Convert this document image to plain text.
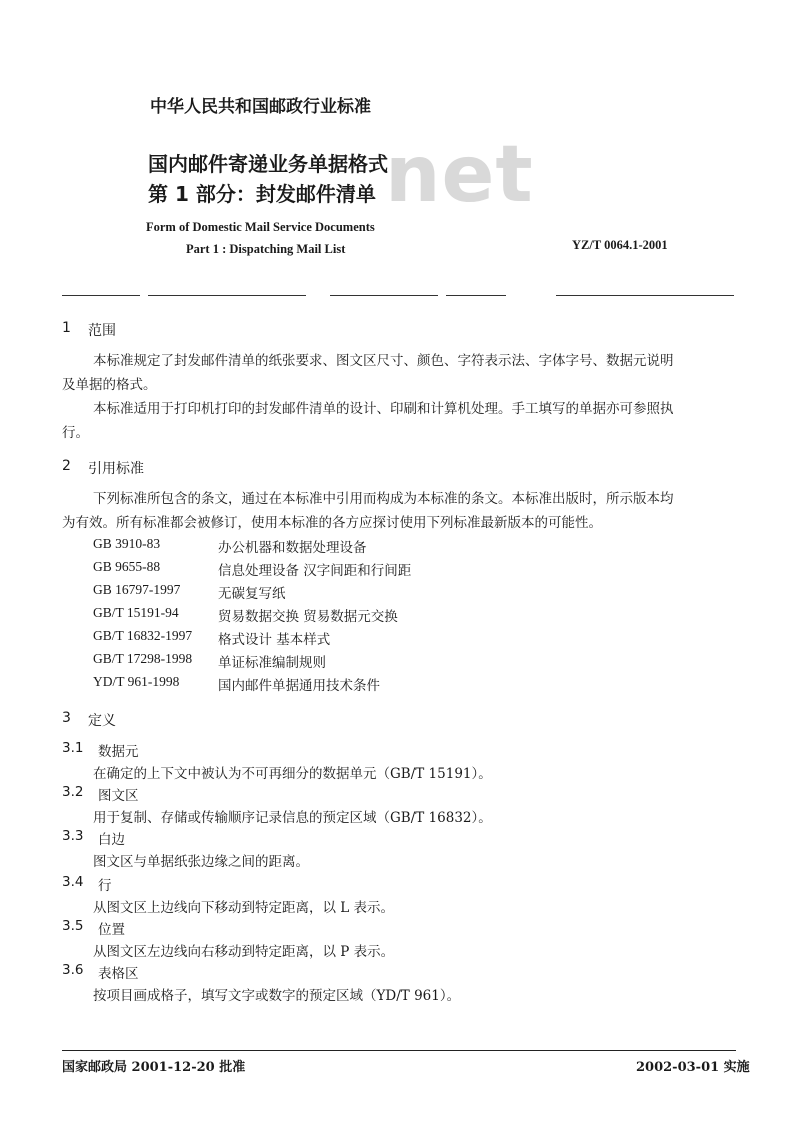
net
中华人民共和国邮政行业标准
国内邮件寄递业务单据格式
第 1 部分：封发邮件清单
Form of Domestic Mail Service Documents
Part 1 : Dispatching Mail List	YZ/T 0064.1-2001
1 范围
本标准规定了封发邮件清单的纸张要求、图文区尺寸、颜色、字符表示法、字体字号、数据元说明
及单据的格式。
本标准适用于打印机打印的封发邮件清单的设计、印刷和计算机处理。手工填写的单据亦可参照执
行。
2 引用标准
下列标准所包含的条文，通过在本标准中引用而构成为本标准的条文。本标准出版时，所示版本均
为有效。所有标准都会被修订，使用本标准的各方应探讨使用下列标准最新版本的可能性。
GB 3910-83	办公机器和数据处理设备
GB 9655-88	信息处理设备 汉字间距和行间距
GB 16797-1997	无碳复写纸
GB/T 15191-94	贸易数据交换 贸易数据元交换
GB/T 16832-1997 格式设计 基本样式
GB/T 17298-1998 单证标准编制规则
YD/T 961-1998	国内邮件单据通用技术条件
3 定义
3.1 数据元
在确定的上下文中被认为不可再细分的数据单元（GB/T 15191）。
3.2 图文区
用于复制、存储或传输顺序记录信息的预定区域（GB/T 16832）。
3.3 白边
图文区与单据纸张边缘之间的距离。
3.4 行
从图文区上边线向下移动到特定距离，以 L 表示。
3.5 位置
从图文区左边线向右移动到特定距离，以 P 表示。
3.6 表格区
按项目画成格子，填写文字或数字的预定区域（YD/T 961）。
国家邮政局 2001-12-20 批准	2002-03-01 实施
